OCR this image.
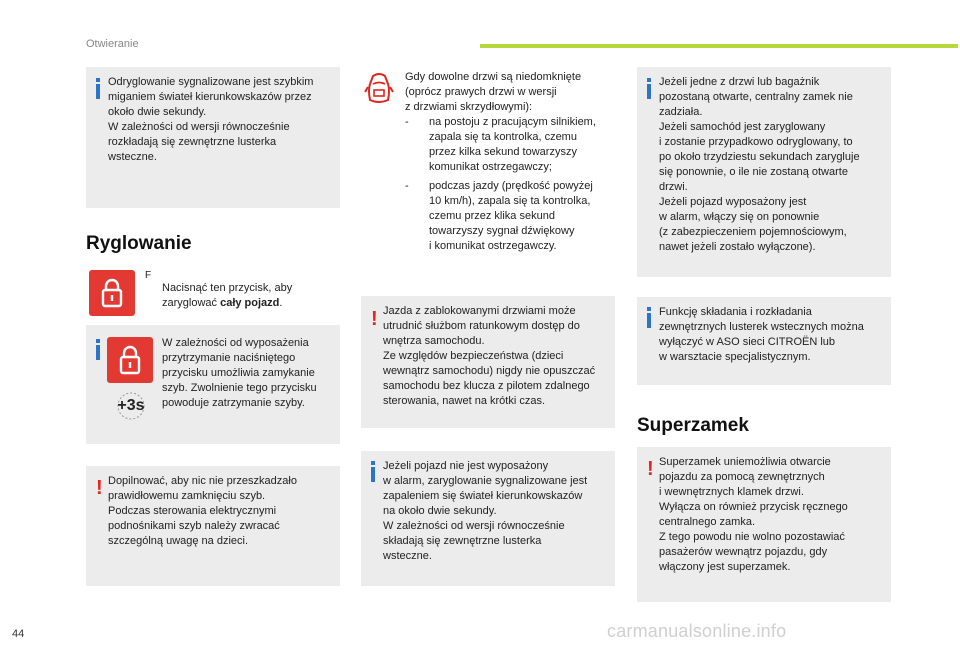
Otwieranie
Odryglowanie sygnalizowane jest szybkim
miganiem świateł kierunkowskazów przez
około dwie sekundy.
W zależności od wersji równocześnie
rozkładają się zewnętrzne lusterka
wsteczne.
Ryglowanie
F

Nacisnąć ten przycisk, aby
zaryglować cały pojazd.

+3s
W zależności od wyposażenia
przytrzymanie naciśniętego
przycisku umożliwia zamykanie
szyb. Zwolnienie tego przycisku
powoduje zatrzymanie szyby.
! Dopilnować, aby nic nie przeszkadzało
prawidłowemu zamknięciu szyb.
Podczas sterowania elektrycznymi
podnośnikami szyb należy zwracać
szczególną uwagę na dzieci.
Gdy dowolne drzwi są niedomknięte
(oprócz prawych drzwi w wersji
z drzwiami skrzydłowymi):
- na postoju z pracującym silnikiem,
zapala się ta kontrolka, czemu
przez kilka sekund towarzyszy
komunikat ostrzegawczy;
- podczas jazdy (prędkość powyżej
10 km/h), zapala się ta kontrolka,
czemu przez klika sekund
towarzyszy sygnał dźwiękowy
i komunikat ostrzegawczy.
! Jazda z zablokowanymi drzwiami może
utrudnić służbom ratunkowym dostęp do
wnętrza samochodu.
Ze względów bezpieczeństwa (dzieci
wewnątrz samochodu) nigdy nie opuszczać
samochodu bez klucza z pilotem zdalnego
sterowania, nawet na krótki czas.
Jeżeli pojazd nie jest wyposażony
w alarm, zaryglowanie sygnalizowane jest
zapaleniem się świateł kierunkowskazów
na około dwie sekundy.
W zależności od wersji równocześnie
składają się zewnętrzne lusterka
wsteczne.
Jeżeli jedne z drzwi lub bagażnik
pozostaną otwarte, centralny zamek nie
zadziała.
Jeżeli samochód jest zaryglowany
i zostanie przypadkowo odryglowany, to
po około trzydziestu sekundach zarygluje
się ponownie, o ile nie zostaną otwarte
drzwi.
Jeżeli pojazd wyposażony jest
w alarm, włączy się on ponownie
(z zabezpieczeniem pojemnościowym,
nawet jeżeli zostało wyłączone).
Funkcję składania i rozkładania
zewnętrznych lusterek wstecznych można
wyłączyć w ASO sieci CITROËN lub
w warsztacie specjalistycznym.
Superzamek
! Superzamek uniemożliwia otwarcie
pojazdu za pomocą zewnętrznych
i wewnętrznych klamek drzwi.
Wyłącza on również przycisk ręcznego
centralnego zamka.
Z tego powodu nie wolno pozostawiać
pasażerów wewnątrz pojazdu, gdy
włączony jest superzamek.
44	carmanualsonline.info
